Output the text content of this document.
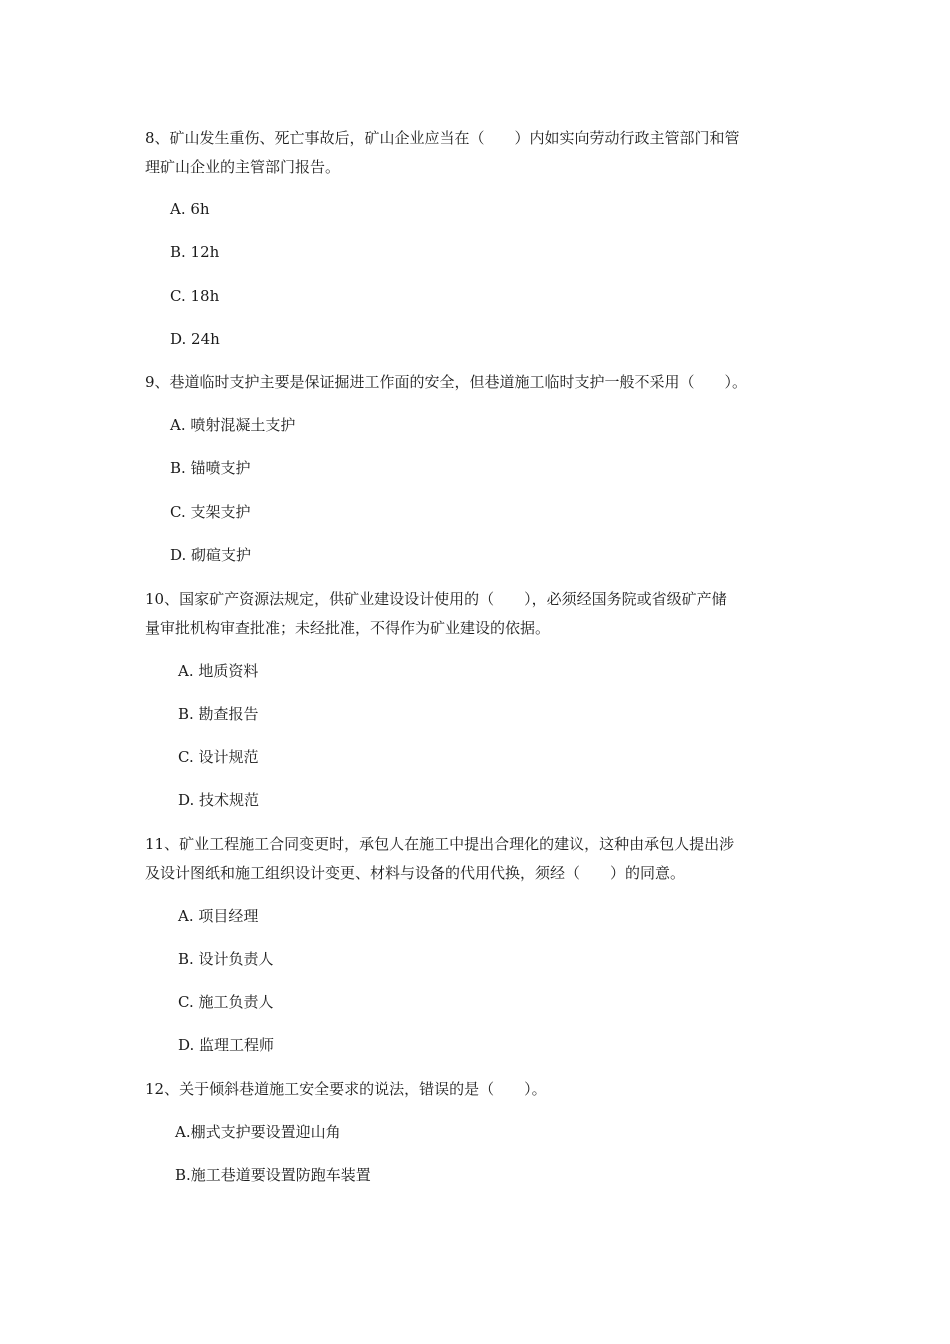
8、矿山发生重伤、死亡事故后，矿山企业应当在（　　）内如实向劳动行政主管部门和管
理矿山企业的主管部门报告。
A. 6h
B. 12h
C. 18h
D. 24h
9、巷道临时支护主要是保证掘进工作面的安全，但巷道施工临时支护一般不采用（　　）。
A. 喷射混凝土支护
B. 锚喷支护
C. 支架支护
D. 砌碹支护
10、国家矿产资源法规定，供矿业建设设计使用的（　　），必须经国务院或省级矿产储
量审批机构审查批准；未经批准，不得作为矿业建设的依据。
A. 地质资料
B. 勘查报告
C. 设计规范
D. 技术规范
11、矿业工程施工合同变更时，承包人在施工中提出合理化的建议，这种由承包人提出涉
及设计图纸和施工组织设计变更、材料与设备的代用代换，须经（　　）的同意。
A. 项目经理
B. 设计负责人
C. 施工负责人
D. 监理工程师
12、关于倾斜巷道施工安全要求的说法，错误的是（　　）。
A.棚式支护要设置迎山角
B.施工巷道要设置防跑车装置
